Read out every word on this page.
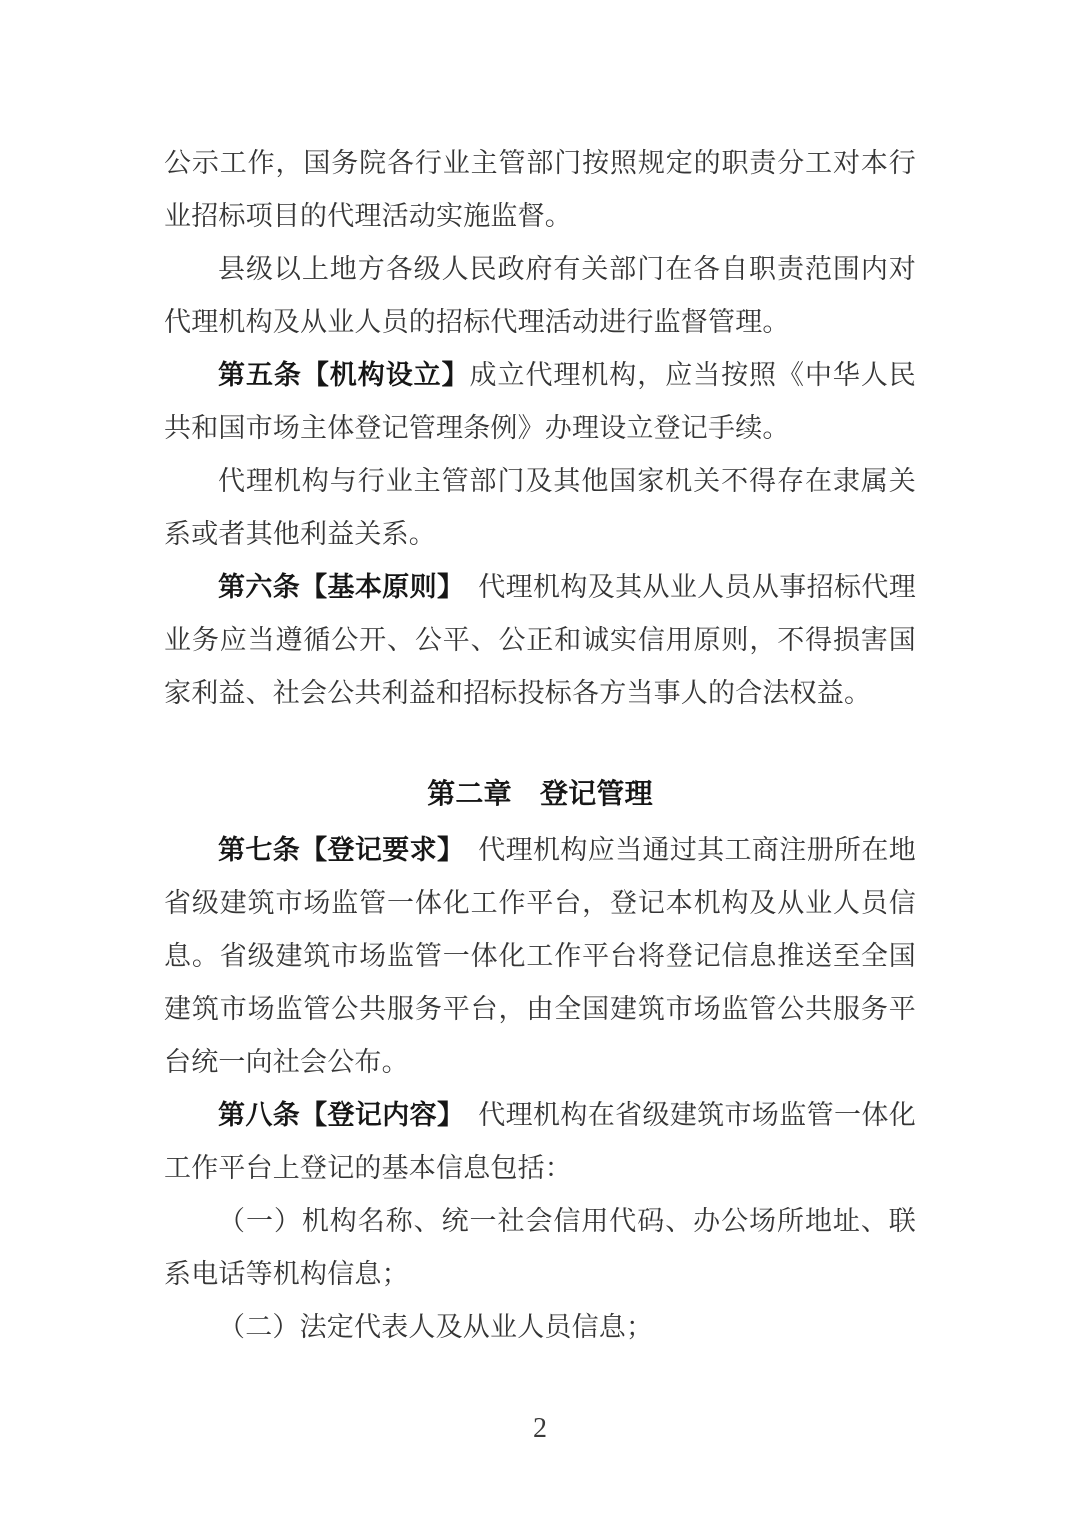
公示工作，国务院各行业主管部门按照规定的职责分工对本行业招标项目的代理活动实施监督。

县级以上地方各级人民政府有关部门在各自职责范围内对代理机构及从业人员的招标代理活动进行监督管理。

第五条【机构设立】成立代理机构，应当按照《中华人民共和国市场主体登记管理条例》办理设立登记手续。

代理机构与行业主管部门及其他国家机关不得存在隶属关系或者其他利益关系。

第六条【基本原则】　代理机构及其从业人员从事招标代理业务应当遵循公开、公平、公正和诚实信用原则，不得损害国家利益、社会公共利益和招标投标各方当事人的合法权益。

第二章　登记管理

第七条【登记要求】　代理机构应当通过其工商注册所在地省级建筑市场监管一体化工作平台，登记本机构及从业人员信息。省级建筑市场监管一体化工作平台将登记信息推送至全国建筑市场监管公共服务平台，由全国建筑市场监管公共服务平台统一向社会公布。

第八条【登记内容】　代理机构在省级建筑市场监管一体化工作平台上登记的基本信息包括：

（一）机构名称、统一社会信用代码、办公场所地址、联系电话等机构信息；

（二）法定代表人及从业人员信息；

2
